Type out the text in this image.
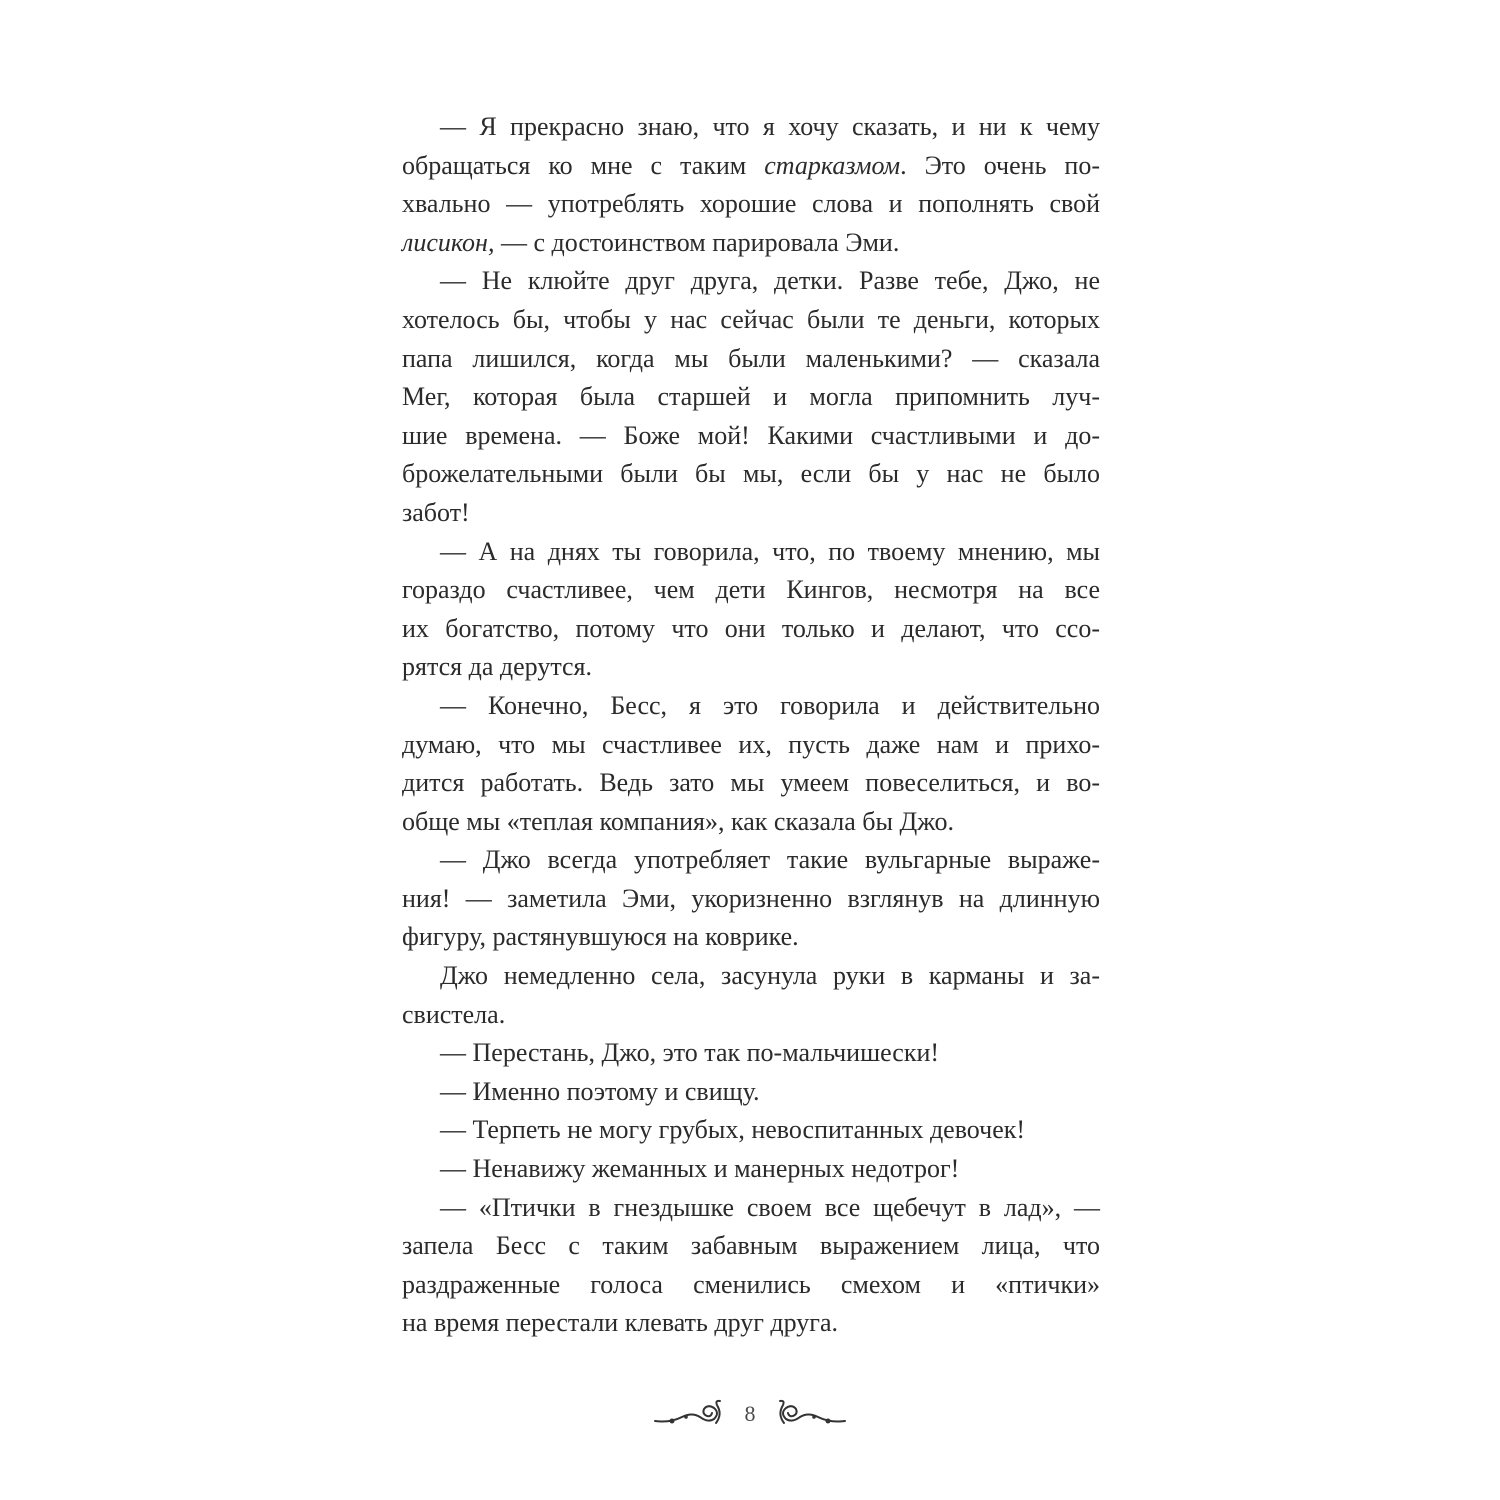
— Я прекрасно знаю, что я хочу сказать, и ни к чему
обращаться ко мне с таким старказмом. Это очень по-
хвально — употреблять хорошие слова и пополнять свой
лисикон, — с достоинством парировала Эми.
— Не клюйте друг друга, детки. Разве тебе, Джо, не
хотелось бы, чтобы у нас сейчас были те деньги, которых
папа лишился, когда мы были маленькими? — сказала
Мег, которая была старшей и могла припомнить луч-
шие времена. — Боже мой! Какими счастливыми и до-
брожелательными были бы мы, если бы у нас не было
забот!
— А на днях ты говорила, что, по твоему мнению, мы
гораздо счастливее, чем дети Кингов, несмотря на все
их богатство, потому что они только и делают, что ссо-
рятся да дерутся.
— Конечно, Бесс, я это говорила и действительно
думаю, что мы счастливее их, пусть даже нам и прихо-
дится работать. Ведь зато мы умеем повеселиться, и во-
обще мы «теплая компания», как сказала бы Джо.
— Джо всегда употребляет такие вульгарные выраже-
ния! — заметила Эми, укоризненно взглянув на длинную
фигуру, растянувшуюся на коврике.
Джо немедленно села, засунула руки в карманы и за-
свистела.
— Перестань, Джо, это так по-мальчишески!
— Именно поэтому и свищу.
— Терпеть не могу грубых, невоспитанных девочек!
— Ненавижу жеманных и манерных недотрог!
— «Птички в гнездышке своем все щебечут в лад», —
запела Бесс с таким забавным выражением лица, что
раздраженные голоса сменились смехом и «птички»
на время перестали клевать друг друга.
8
